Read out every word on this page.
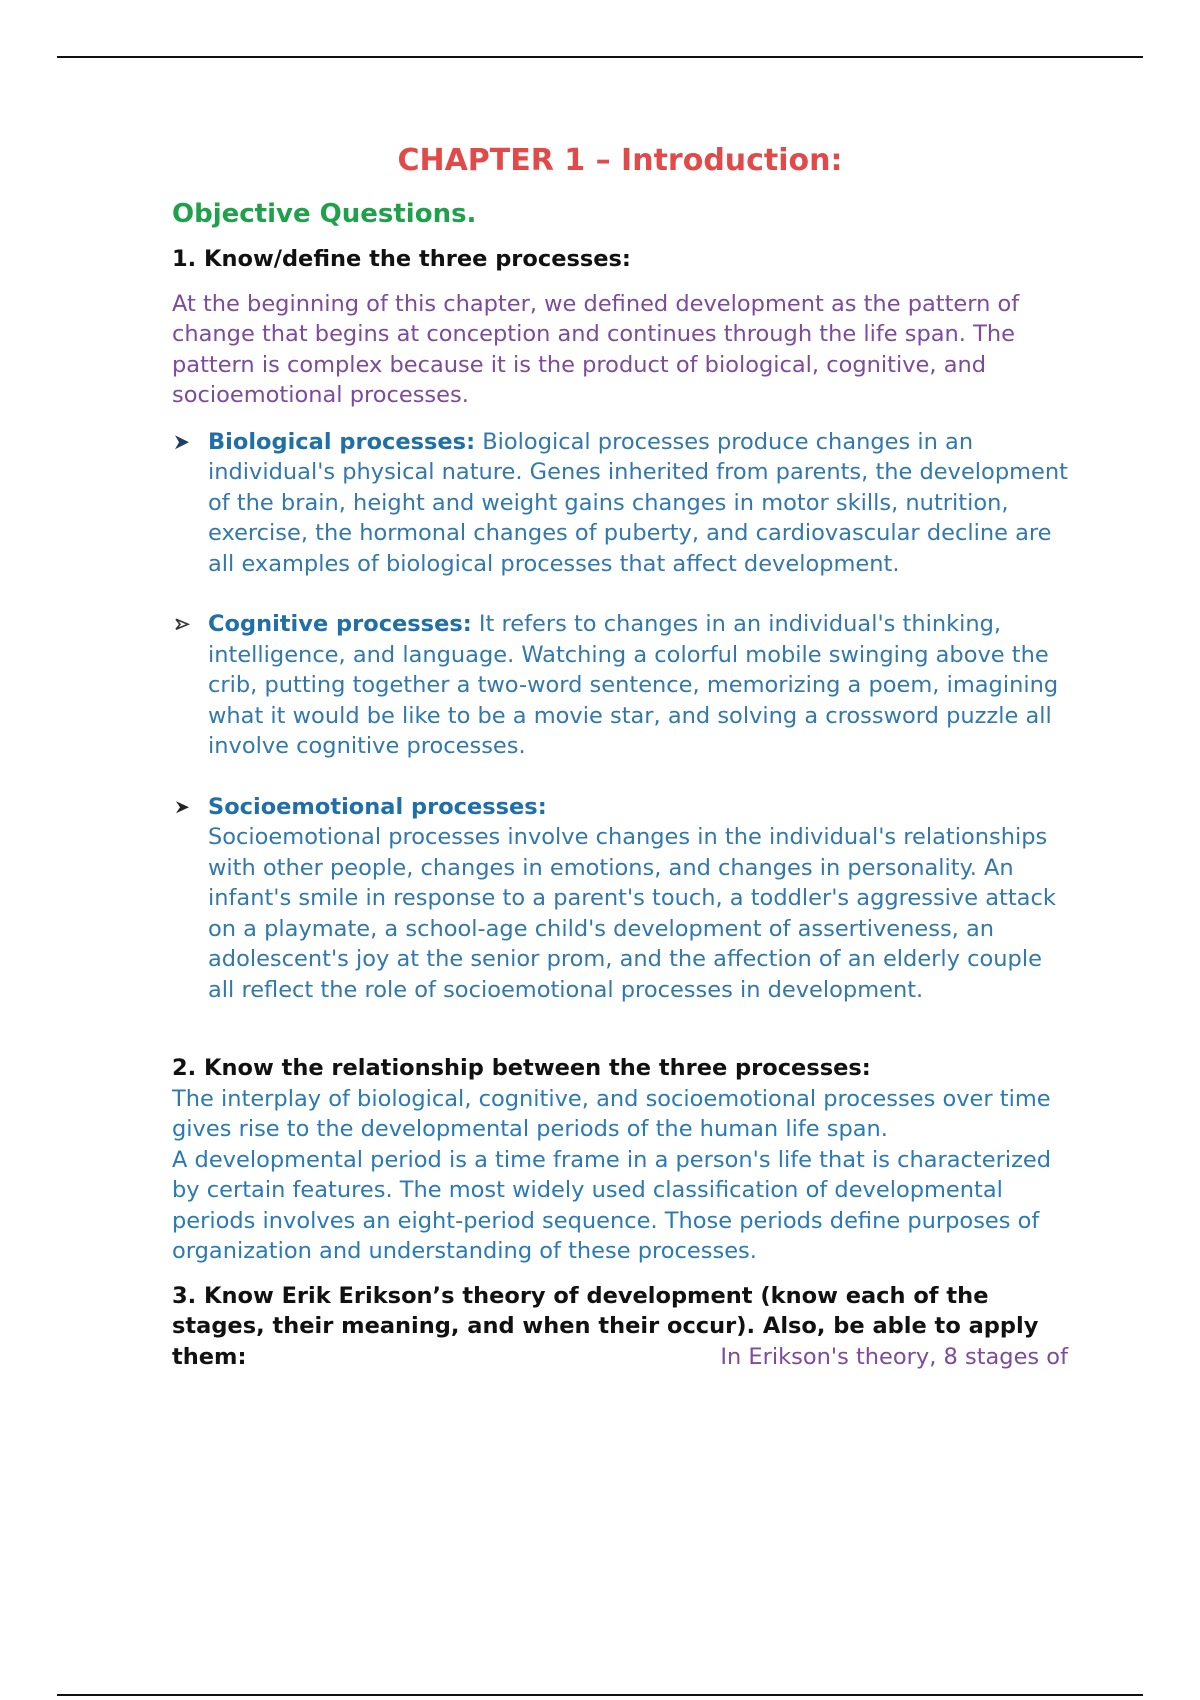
CHAPTER 1 – Introduction:
Objective Questions.
1. Know/define the three processes:

At the beginning of this chapter, we defined development as the pattern of change that begins at conception and continues through the life span. The pattern is complex because it is the product of biological, cognitive, and socioemotional processes.

Biological processes: Biological processes produce changes in an individual's physical nature. Genes inherited from parents, the development of the brain, height and weight gains changes in motor skills, nutrition, exercise, the hormonal changes of puberty, and cardiovascular decline are all examples of biological processes that affect development.
Cognitive processes: It refers to changes in an individual's thinking, intelligence, and language. Watching a colorful mobile swinging above the crib, putting together a two-word sentence, memorizing a poem, imagining what it would be like to be a movie star, and solving a crossword puzzle all involve cognitive processes.
Socioemotional processes:
Socioemotional processes involve changes in the individual's relationships with other people, changes in emotions, and changes in personality. An infant's smile in response to a parent's touch, a toddler's aggressive attack on a playmate, a school-age child's development of assertiveness, an adolescent's joy at the senior prom, and the affection of an elderly couple all reflect the role of socioemotional processes in development.
2. Know the relationship between the three processes:

The interplay of biological, cognitive, and socioemotional processes over time gives rise to the developmental periods of the human life span.

A developmental period is a time frame in a person's life that is characterized by certain features. The most widely used classification of developmental periods involves an eight-period sequence. Those periods define purposes of organization and understanding of these processes.

3. Know Erik Erikson’s theory of development (know each of the stages, their meaning, and when their occur). Also, be able to apply them:	In Erikson's theory, 8 stages of
